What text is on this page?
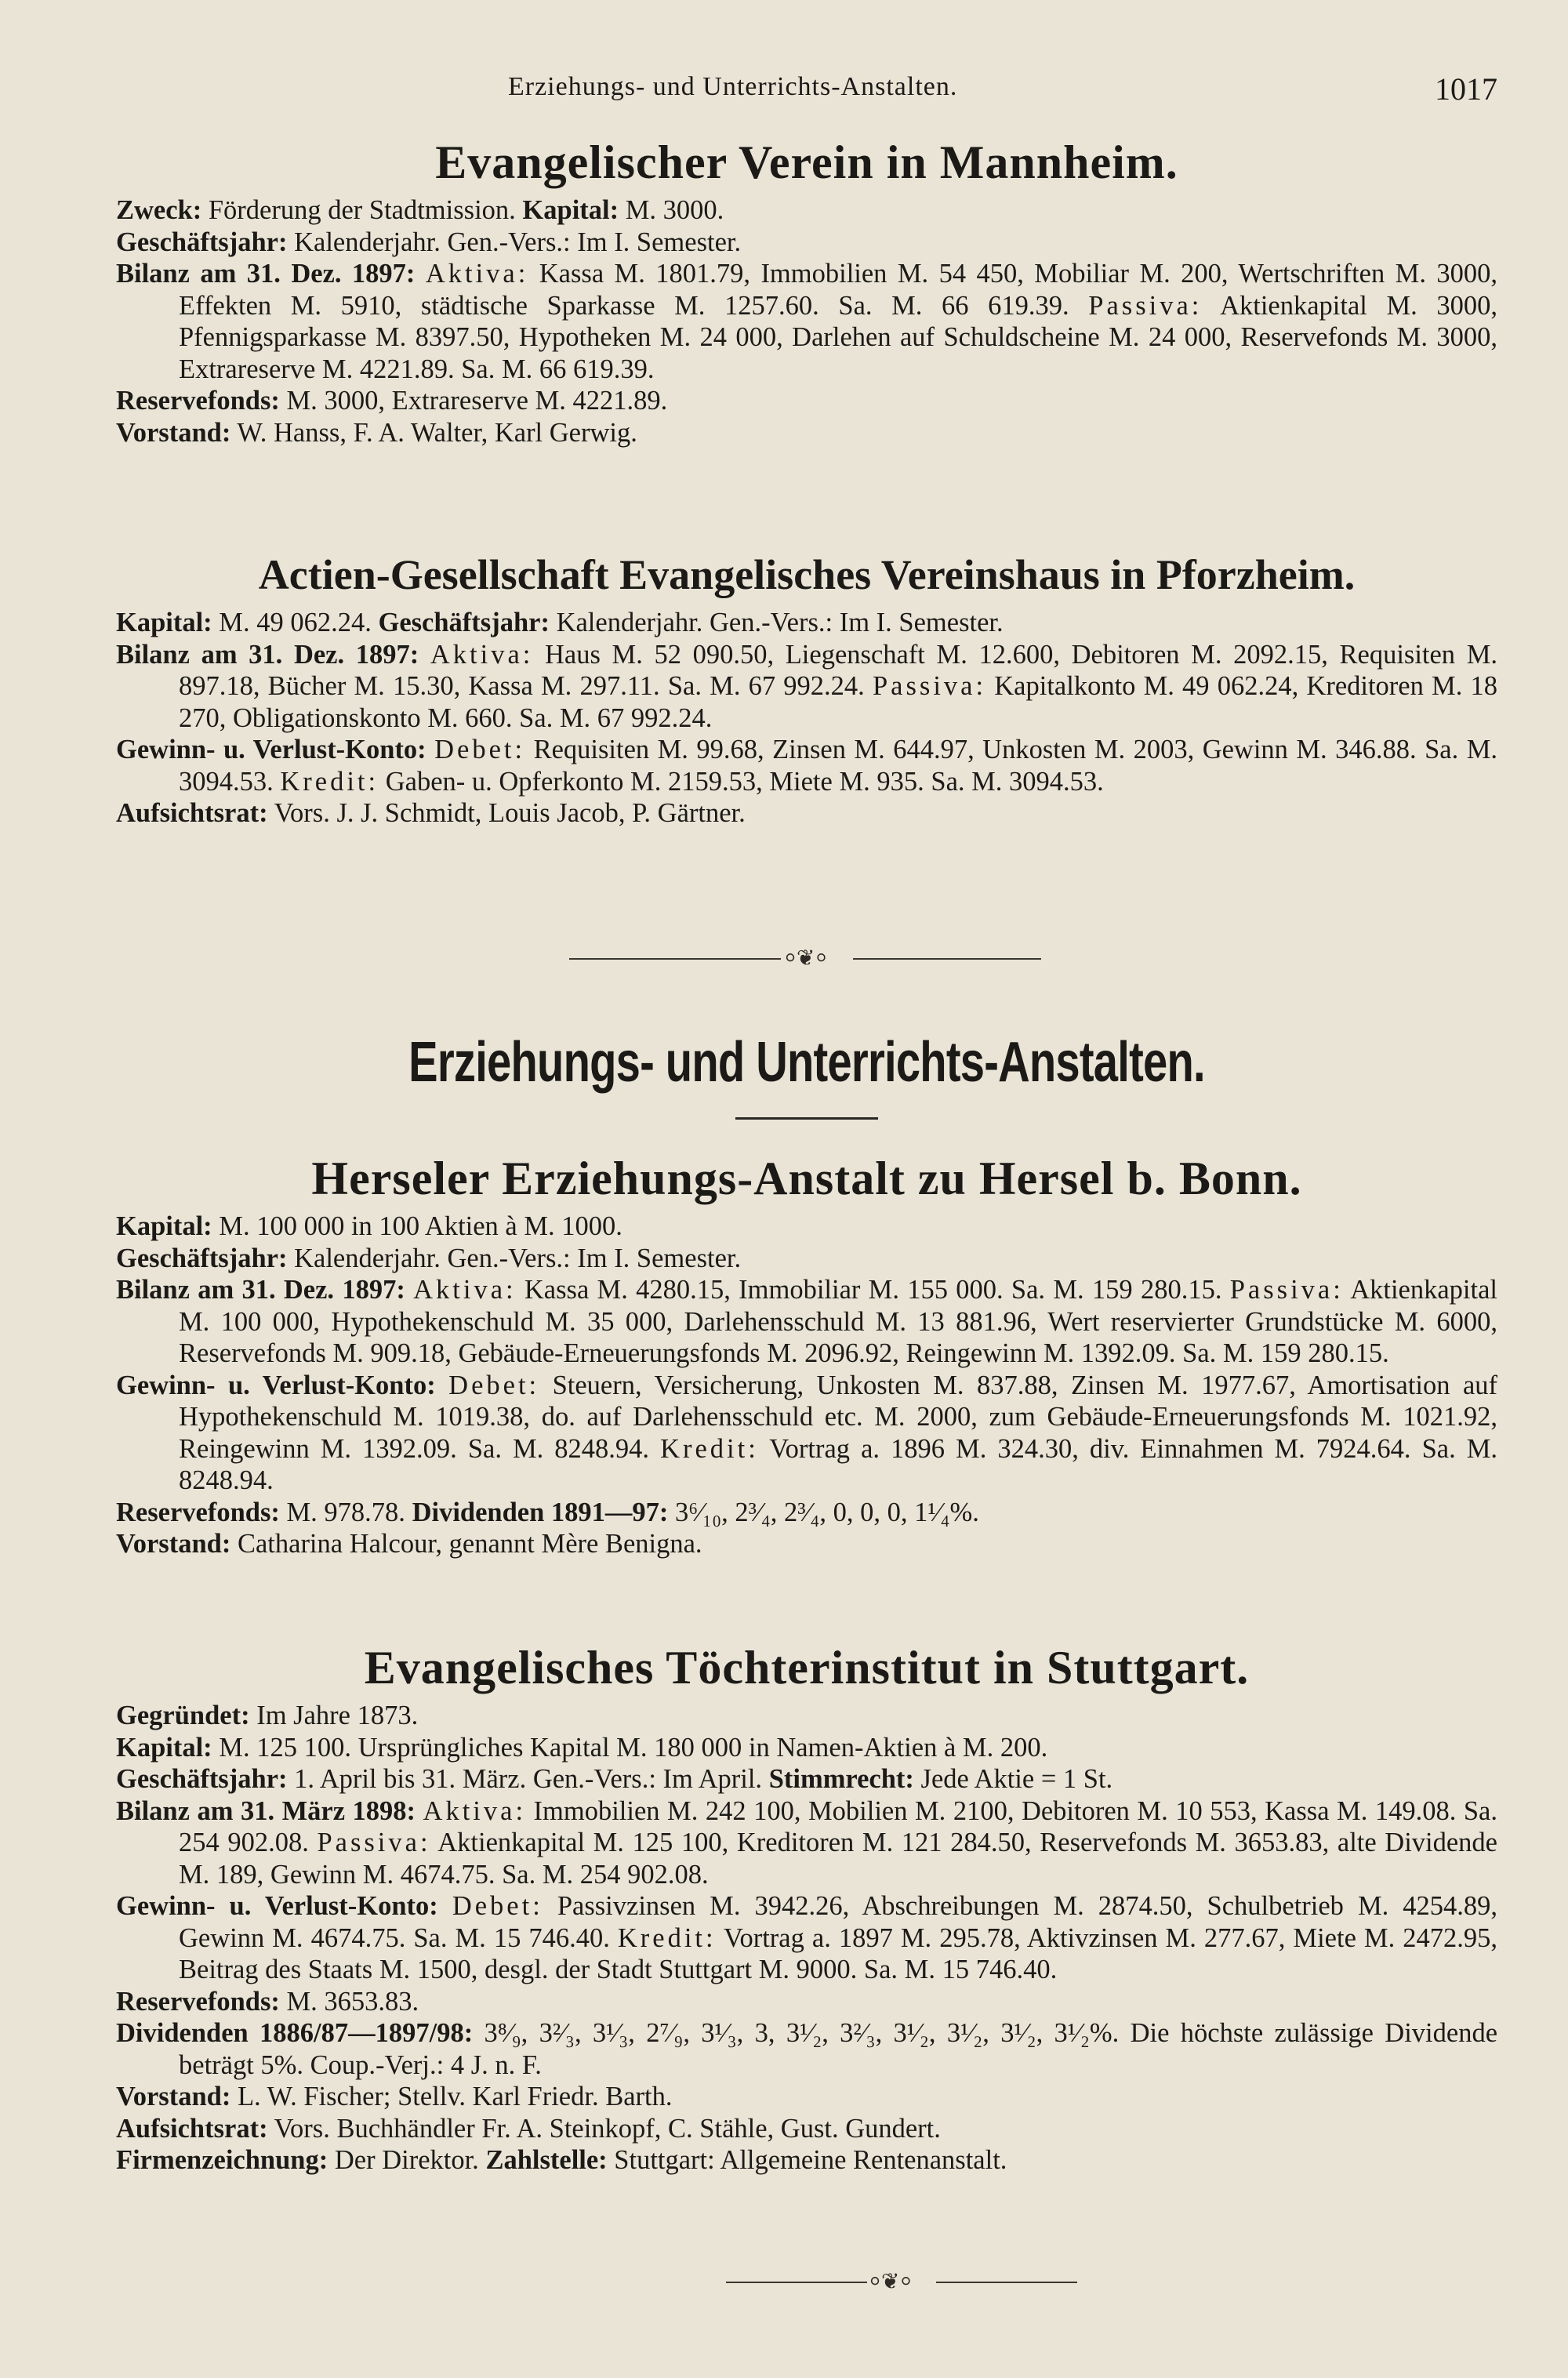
Erziehungs- und Unterrichts-Anstalten.	1017
Evangelischer Verein in Mannheim.

Zweck: Förderung der Stadtmission. Kapital: M. 3000.

Geschäftsjahr: Kalenderjahr. Gen.-Vers.: Im I. Semester.

Bilanz am 31. Dez. 1897: Aktiva: Kassa M. 1801.79, Immobilien M. 54 450, Mobiliar M. 200, Wertschriften M. 3000, Effekten M. 5910, städtische Sparkasse M. 1257.60. Sa. M. 66 619.39. Passiva: Aktienkapital M. 3000, Pfennigsparkasse M. 8397.50, Hypotheken M. 24 000, Darlehen auf Schuldscheine M. 24 000, Reservefonds M. 3000, Extrareserve M. 4221.89. Sa. M. 66 619.39.

Reservefonds: M. 3000, Extrareserve M. 4221.89.

Vorstand: W. Hanss, F. A. Walter, Karl Gerwig.

Actien-Gesellschaft Evangelisches Vereinshaus in Pforzheim.

Kapital: M. 49 062.24. Geschäftsjahr: Kalenderjahr. Gen.-Vers.: Im I. Semester.

Bilanz am 31. Dez. 1897: Aktiva: Haus M. 52 090.50, Liegenschaft M. 12.600, Debitoren M. 2092.15, Requisiten M. 897.18, Bücher M. 15.30, Kassa M. 297.11. Sa. M. 67 992.24. Passiva: Kapitalkonto M. 49 062.24, Kreditoren M. 18 270, Obligationskonto M. 660. Sa. M. 67 992.24.

Gewinn- u. Verlust-Konto: Debet: Requisiten M. 99.68, Zinsen M. 644.97, Unkosten M. 2003, Gewinn M. 346.88. Sa. M. 3094.53. Kredit: Gaben- u. Opferkonto M. 2159.53, Miete M. 935. Sa. M. 3094.53.

Aufsichtsrat: Vors. J. J. Schmidt, Louis Jacob, P. Gärtner.

⸰❦⸰
Erziehungs- und Unterrichts-Anstalten.
Herseler Erziehungs-Anstalt zu Hersel b. Bonn.

Kapital: M. 100 000 in 100 Aktien à M. 1000.

Geschäftsjahr: Kalenderjahr. Gen.-Vers.: Im I. Semester.

Bilanz am 31. Dez. 1897: Aktiva: Kassa M. 4280.15, Immobiliar M. 155 000. Sa. M. 159 280.15. Passiva: Aktienkapital M. 100 000, Hypothekenschuld M. 35 000, Darlehensschuld M. 13 881.96, Wert reservierter Grundstücke M. 6000, Reservefonds M. 909.18, Gebäude-Erneuerungsfonds M. 2096.92, Reingewinn M. 1392.09. Sa. M. 159 280.15.

Gewinn- u. Verlust-Konto: Debet: Steuern, Versicherung, Unkosten M. 837.88, Zinsen M. 1977.67, Amortisation auf Hypothekenschuld M. 1019.38, do. auf Darlehensschuld etc. M. 2000, zum Gebäude-Erneuerungsfonds M. 1021.92, Reingewinn M. 1392.09. Sa. M. 8248.94. Kredit: Vortrag a. 1896 M. 324.30, div. Einnahmen M. 7924.64. Sa. M. 8248.94.

Reservefonds: M. 978.78. Dividenden 1891—97: 3⁶⁄₁₀, 2³⁄₄, 2³⁄₄, 0, 0, 0, 1¹⁄₄%.

Vorstand: Catharina Halcour, genannt Mère Benigna.

Evangelisches Töchterinstitut in Stuttgart.

Gegründet: Im Jahre 1873.

Kapital: M. 125 100. Ursprüngliches Kapital M. 180 000 in Namen-Aktien à M. 200.

Geschäftsjahr: 1. April bis 31. März. Gen.-Vers.: Im April. Stimmrecht: Jede Aktie = 1 St.

Bilanz am 31. März 1898: Aktiva: Immobilien M. 242 100, Mobilien M. 2100, Debitoren M. 10 553, Kassa M. 149.08. Sa. 254 902.08. Passiva: Aktienkapital M. 125 100, Kreditoren M. 121 284.50, Reservefonds M. 3653.83, alte Dividende M. 189, Gewinn M. 4674.75. Sa. M. 254 902.08.

Gewinn- u. Verlust-Konto: Debet: Passivzinsen M. 3942.26, Abschreibungen M. 2874.50, Schulbetrieb M. 4254.89, Gewinn M. 4674.75. Sa. M. 15 746.40. Kredit: Vortrag a. 1897 M. 295.78, Aktivzinsen M. 277.67, Miete M. 2472.95, Beitrag des Staats M. 1500, desgl. der Stadt Stuttgart M. 9000. Sa. M. 15 746.40.

Reservefonds: M. 3653.83.

Dividenden 1886/87—1897/98: 3⁸⁄₉, 3²⁄₃, 3¹⁄₃, 2⁷⁄₉, 3¹⁄₃, 3, 3¹⁄₂, 3²⁄₃, 3¹⁄₂, 3¹⁄₂, 3¹⁄₂, 3¹⁄₂%. Die höchste zulässige Dividende beträgt 5%. Coup.-Verj.: 4 J. n. F.

Vorstand: L. W. Fischer; Stellv. Karl Friedr. Barth.

Aufsichtsrat: Vors. Buchhändler Fr. A. Steinkopf, C. Stähle, Gust. Gundert.

Firmenzeichnung: Der Direktor. Zahlstelle: Stuttgart: Allgemeine Rentenanstalt.

⸰❦⸰
